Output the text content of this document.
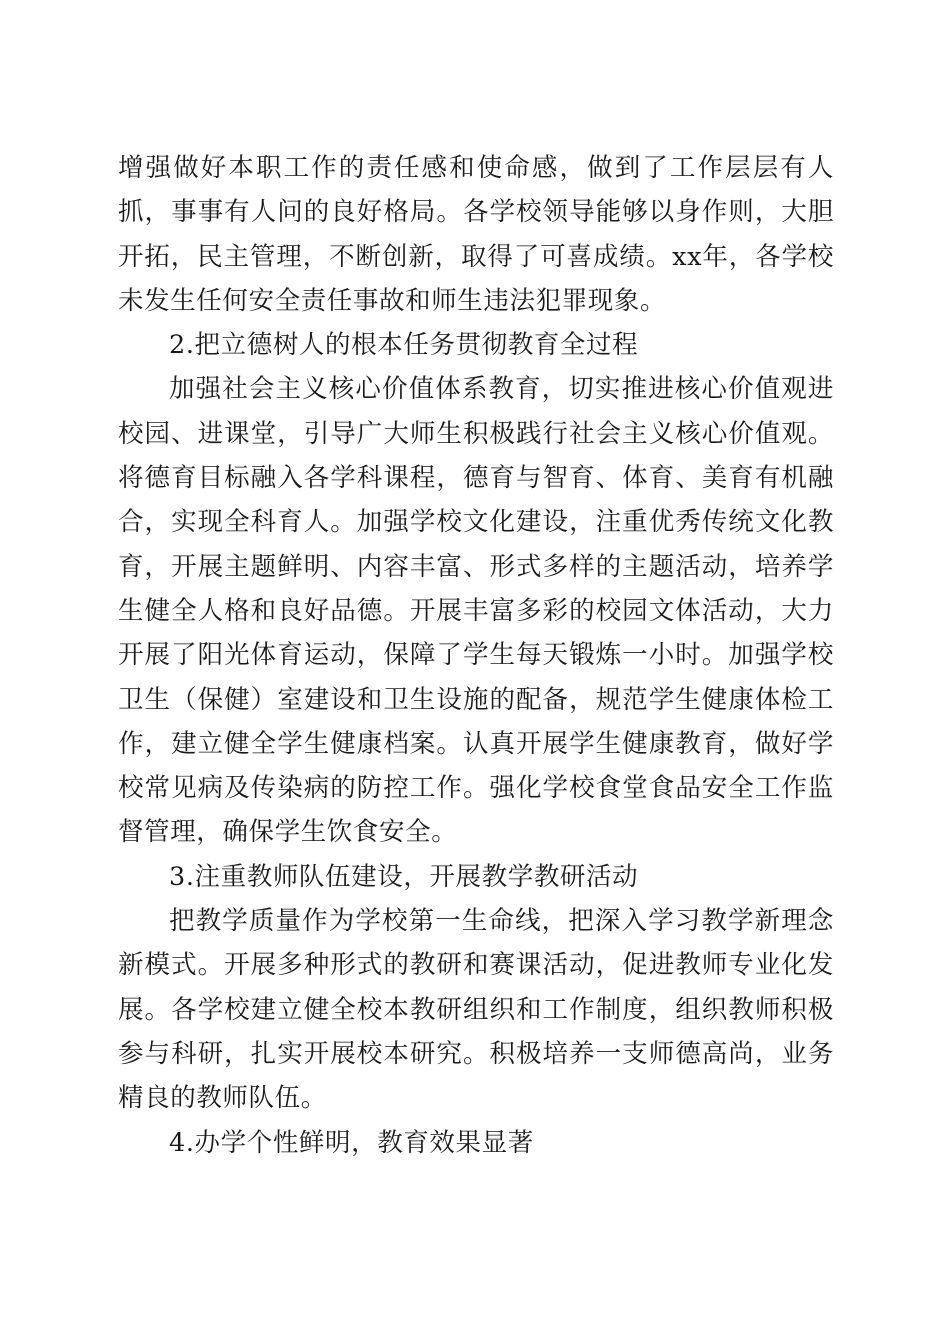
增强做好本职工作的责任感和使命感，做到了工作层层有人抓，事事有人问的良好格局。各学校领导能够以身作则，大胆开拓，民主管理，不断创新，取得了可喜成绩。xx年，各学校未发生任何安全责任事故和师生违法犯罪现象。

2.把立德树人的根本任务贯彻教育全过程

加强社会主义核心价值体系教育，切实推进核心价值观进校园、进课堂，引导广大师生积极践行社会主义核心价值观。将德育目标融入各学科课程，德育与智育、体育、美育有机融合，实现全科育人。加强学校文化建设，注重优秀传统文化教育，开展主题鲜明、内容丰富、形式多样的主题活动，培养学生健全人格和良好品德。开展丰富多彩的校园文体活动，大力开展了阳光体育运动，保障了学生每天锻炼一小时。加强学校卫生（保健）室建设和卫生设施的配备，规范学生健康体检工作，建立健全学生健康档案。认真开展学生健康教育，做好学校常见病及传染病的防控工作。强化学校食堂食品安全工作监督管理，确保学生饮食安全。

3.注重教师队伍建设，开展教学教研活动

把教学质量作为学校第一生命线，把深入学习教学新理念新模式。开展多种形式的教研和赛课活动，促进教师专业化发展。各学校建立健全校本教研组织和工作制度，组织教师积极参与科研，扎实开展校本研究。积极培养一支师德高尚，业务精良的教师队伍。

4.办学个性鲜明，教育效果显著
